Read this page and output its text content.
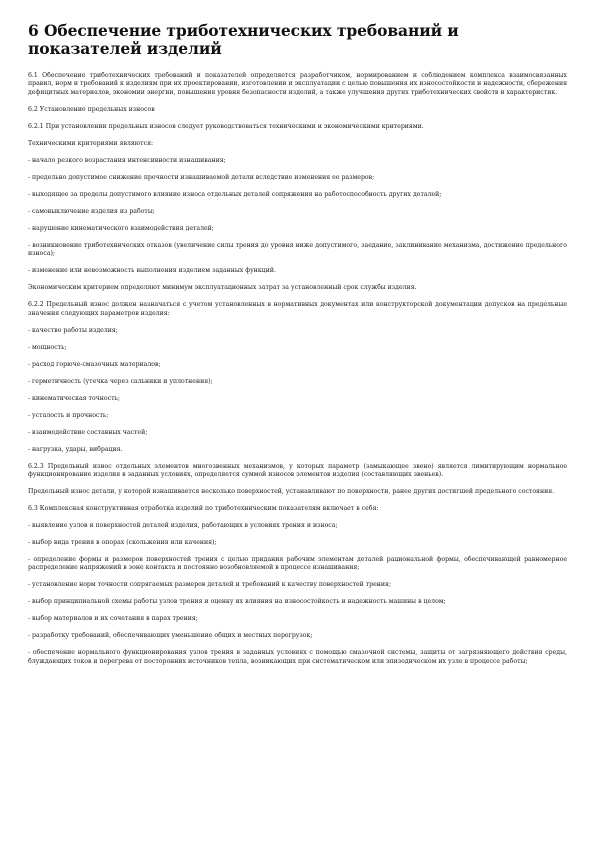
6 Обеспечение триботехнических требований и показателей изделий

6.1 Обеспечение триботехнических требований и показателей определяется разработчиком, нормированием и соблюдением комплекса взаимосвязанных правил, норм и требований к изделиям при их проектировании, изготовлении и эксплуатации с целью повышения их износостойкости и надежности, сбережения дефицитных материалов, экономии энергии, повышения уровня безопасности изделий, а также улучшения других триботехнических свойств и характеристик.

6.2 Установление предельных износов

6.2.1 При установлении предельных износов следует руководствоваться техническими и экономическими критериями.

Техническими критериями являются:

- начало резкого возрастания интенсивности изнашивания;

- предельно допустимое снижение прочности изнашиваемой детали вследствие изменения ее размеров;

- выходящее за пределы допустимого влияние износа отдельных деталей сопряжения на работоспособность других деталей;

- самовыключение изделия из работы;

- нарушение кинематического взаимодействия деталей;

- возникновение триботехнических отказов (увеличение силы трения до уровня ниже допустимого, заедание, заклинивание механизма, достижение предельного износа);

- изменение или невозможность выполнения изделием заданных функций.

Экономическим критерием определяют минимум эксплуатационных затрат за установленный срок службы изделия.

6.2.2 Предельный износ должен назначаться с учетом установленных в нормативных документах или конструкторской документации допусков на предельные значения следующих параметров изделия:

- качество работы изделия;

- мощность;

- расход горюче-смазочных материалов;

- герметичность (утечка через сальники и уплотнения);

- кинематическая точность;

- усталость и прочность;

- взаимодействие составных частей;

- нагрузка, удары, вибрация.

6.2.3 Предельный износ отдельных элементов многозвенных механизмов, у которых параметр (замыкающее звено) является лимитирующим нормальное функционирование изделия в заданных условиях, определяется суммой износов элементов изделия (составляющих звеньев).

Предельный износ детали, у которой изнашивается несколько поверхностей, устанавливают по поверхности, ранее других достигшей предельного состояния.

6.3 Комплексная конструктивная отработка изделий по триботехническим показателям включает в себя:

- выявление узлов и поверхностей деталей изделия, работающих в условиях трения и износа;

- выбор вида трения в опорах (скольжения или качения);

- определение формы и размеров поверхностей трения с целью придания рабочим элементам деталей рациональной формы, обеспечивающей равномерное распределение напряжений в зоне контакта и постоянно возобновляемой в процессе изнашивания;

- установление норм точности сопрягаемых размеров деталей и требований к качеству поверхностей трения;

- выбор принципиальной схемы работы узлов трения и оценку их влияния на износостойкость и надежность машины в целом;

- выбор материалов и их сочетания в парах трения;

- разработку требований, обеспечивающих уменьшение общих и местных перегрузок;

- обеспечение нормального функционирования узлов трения в заданных условиях с помощью смазочной системы, защиты от загрязняющего действия среды, блуждающих токов и перегрева от посторонних источников тепла, возникающих при систематическом или эпизодическом их узле в процессе работы;
